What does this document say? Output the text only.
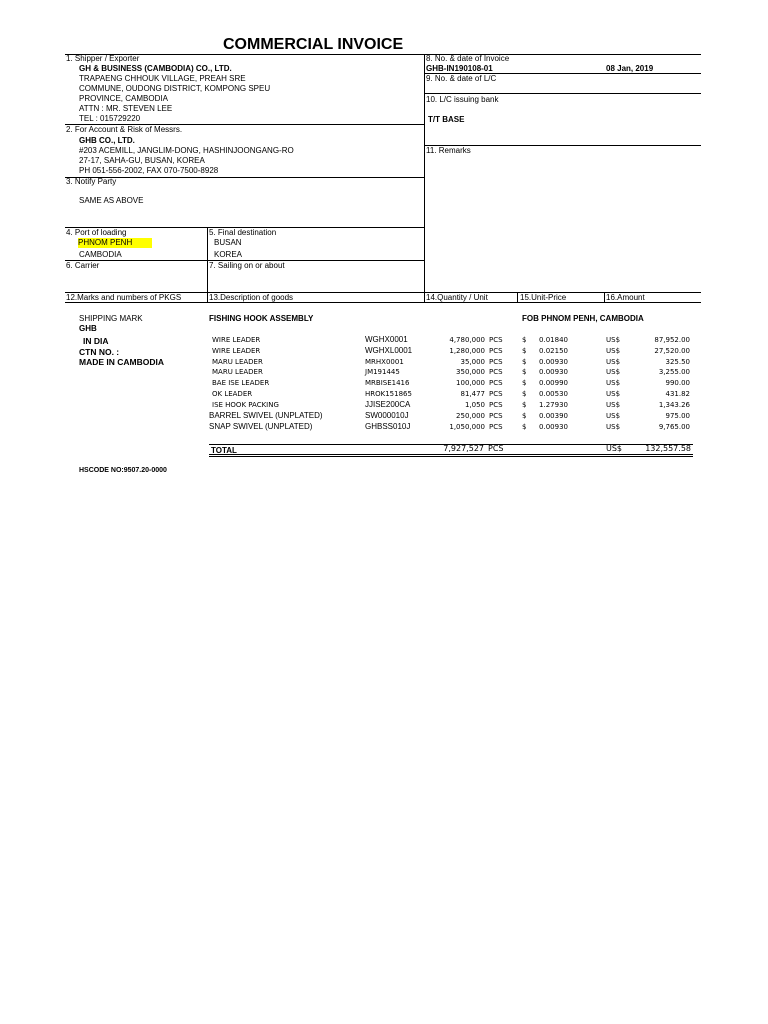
COMMERCIAL INVOICE
1. Shipper / Exporter
GH & BUSINESS (CAMBODIA) CO., LTD.
TRAPAENG CHHOUK VILLAGE, PREAH SRE
COMMUNE, OUDONG DISTRICT, KOMPONG SPEU
PROVINCE, CAMBODIA
ATTN : MR. STEVEN LEE
TEL : 015729220
8. No. & date of Invoice
GHB-IN190108-01	08 Jan, 2019
9. No. & date of L/C
10. L/C issuing bank
T/T BASE
2. For Account & Risk of Messrs.
GHB CO., LTD.
#203 ACEMILL, JANGLIM-DONG, HASHINJOONGANG-RO
27-17, SAHA-GU, BUSAN, KOREA
PH 051-556-2002, FAX 070-7500-8928
11. Remarks
3. Notify Party
SAME AS ABOVE
4. Port of loading
PHNOM PENH
CAMBODIA
5. Final destination
BUSAN
KOREA
6. Carrier	7. Sailing on or about
12.Marks and numbers of PKGS	13.Description of goods	14.Quantity / Unit	15.Unit-Price	16.Amount
SHIPPING MARK
GHB
IN DIA
CTN NO. :
MADE IN CAMBODIA
FISHING HOOK ASSEMBLY	FOB PHNOM PENH, CAMBODIA
WIRE LEADER	WGHX0001	4,780,000 PCS	$	0.01840	US$	87,952.00
WIRE LEADER	WGHXL0001	1,280,000 PCS	$	0.02150	US$	27,520.00
MARU LEADER	MRHX0001	35,000 PCS	$	0.00930	US$	325.50
MARU LEADER	JM191445	350,000 PCS	$	0.00930	US$	3,255.00
BAE ISE LEADER	MRBISE1416	100,000 PCS	$	0.00990	US$	990.00
OK LEADER	HROK151865	81,477 PCS	$	0.00530	US$	431.82
ISE HOOK PACKING	JJISE200CA	1,050 PCS	$	1.27930	US$	1,343.26
BARREL SWIVEL (UNPLATED)	SW000010J	250,000 PCS	$	0.00390	US$	975.00
SNAP SWIVEL (UNPLATED)	GHBSS010J	1,050,000 PCS	$	0.00930	US$	9,765.00
TOTAL	7,927,527 PCS	US$	132,557.58
HSCODE NO:9507.20-0000
